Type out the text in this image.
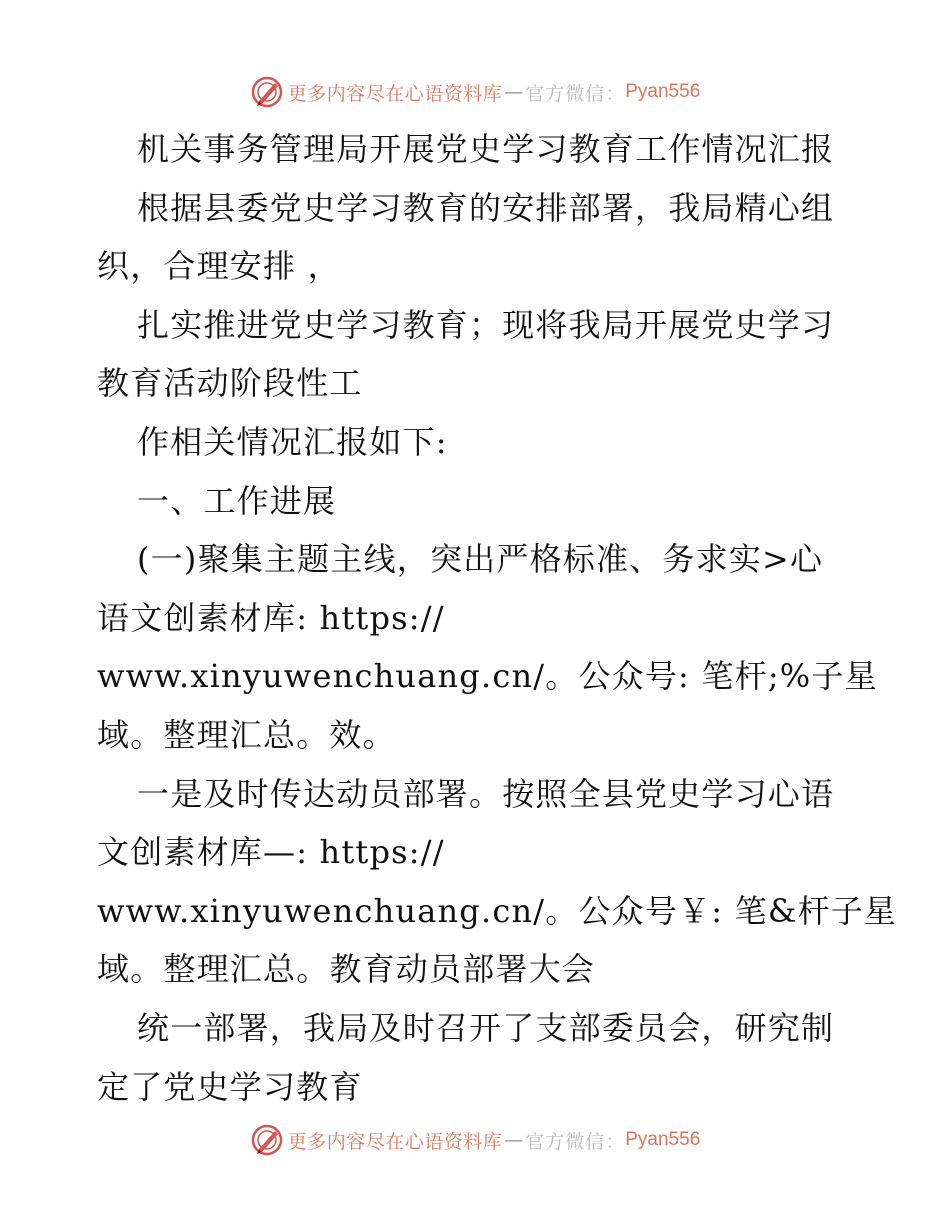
更多内容尽在心语资料库 — 官方微信： Pyan556
机关事务管理局开展党史学习教育工作情况汇报
根据县委党史学习教育的安排部署，我局精心组
织，合理安排 ，
扎实推进党史学习教育；现将我局开展党史学习
教育活动阶段性工
作相关情况汇报如下:
一、工作进展
(一)聚集主题主线，突出严格标准、务求实>心
语文创素材库: https://
www.xinyuwenchuang.cn/。公众号: 笔杆;%子星
域。整理汇总。效。
一是及时传达动员部署。按照全县党史学习心语
文创素材库—: https://
www.xinyuwenchuang.cn/。公众号￥: 笔&杆子星
域。整理汇总。教育动员部署大会
统一部署，我局及时召开了支部委员会，研究制
定了党史学习教育
更多内容尽在心语资料库 — 官方微信： Pyan556
